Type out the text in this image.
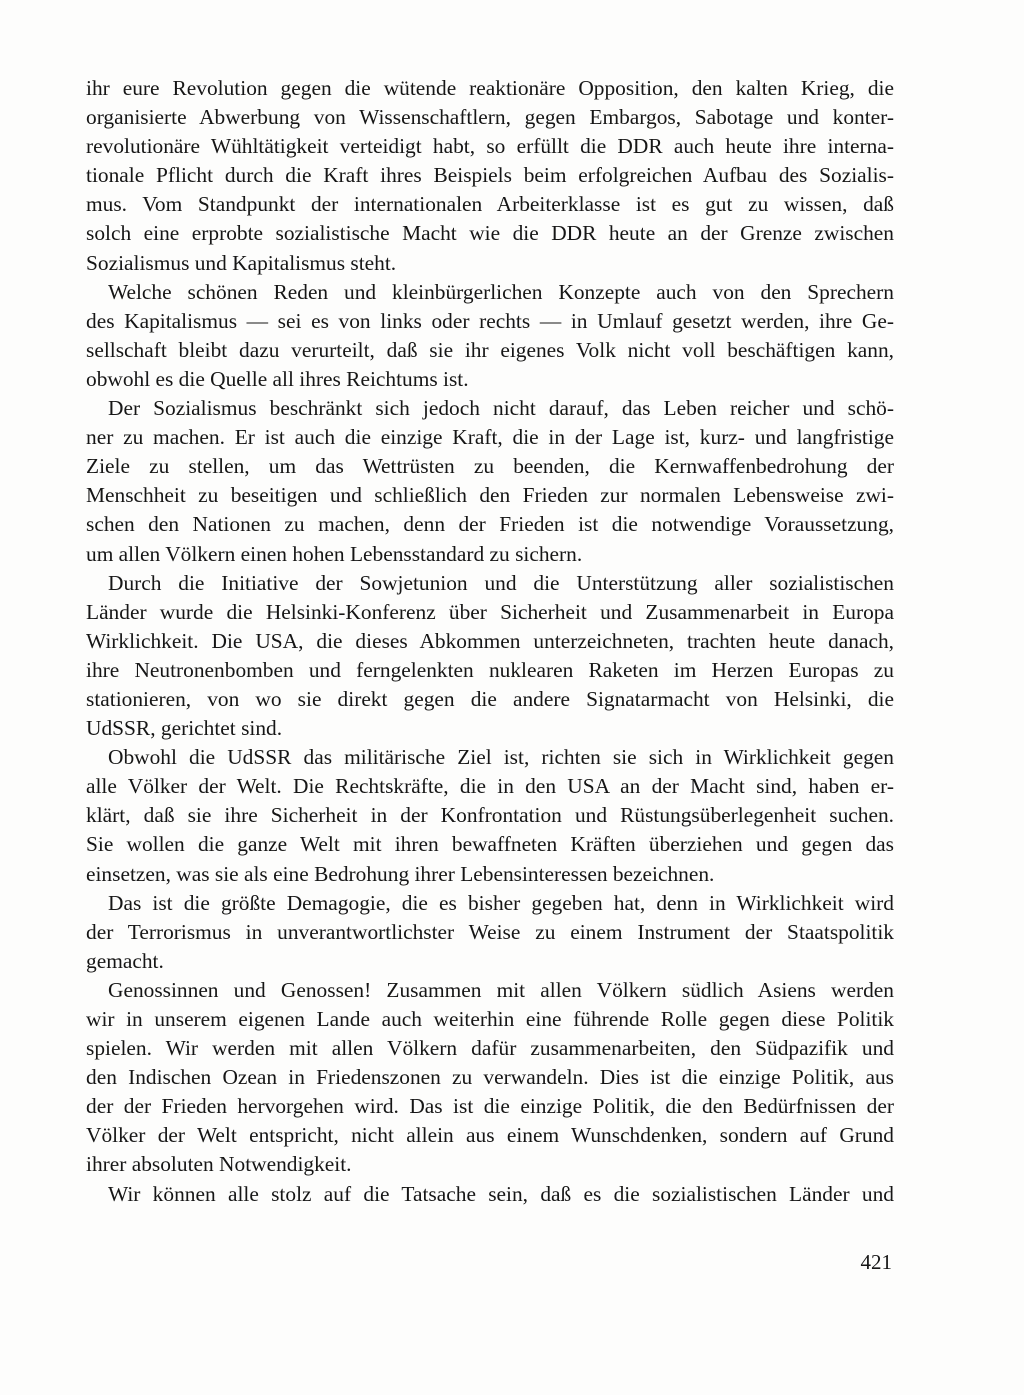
ihr eure Revolution gegen die wütende reaktionäre Opposition, den kalten Krieg, die
organisierte Abwerbung von Wissenschaftlern, gegen Embargos, Sabotage und konter-
revolutionäre Wühltätigkeit verteidigt habt, so erfüllt die DDR auch heute ihre interna-
tionale Pflicht durch die Kraft ihres Beispiels beim erfolgreichen Aufbau des Sozialis-
mus. Vom Standpunkt der internationalen Arbeiterklasse ist es gut zu wissen, daß
solch eine erprobte sozialistische Macht wie die DDR heute an der Grenze zwischen
Sozialismus und Kapitalismus steht.
Welche schönen Reden und kleinbürgerlichen Konzepte auch von den Sprechern
des Kapitalismus — sei es von links oder rechts — in Umlauf gesetzt werden, ihre Ge-
sellschaft bleibt dazu verurteilt, daß sie ihr eigenes Volk nicht voll beschäftigen kann,
obwohl es die Quelle all ihres Reichtums ist.
Der Sozialismus beschränkt sich jedoch nicht darauf, das Leben reicher und schö-
ner zu machen. Er ist auch die einzige Kraft, die in der Lage ist, kurz- und langfristige
Ziele zu stellen, um das Wettrüsten zu beenden, die Kernwaffenbedrohung der
Menschheit zu beseitigen und schließlich den Frieden zur normalen Lebensweise zwi-
schen den Nationen zu machen, denn der Frieden ist die notwendige Voraussetzung,
um allen Völkern einen hohen Lebensstandard zu sichern.
Durch die Initiative der Sowjetunion und die Unterstützung aller sozialistischen
Länder wurde die Helsinki-Konferenz über Sicherheit und Zusammenarbeit in Europa
Wirklichkeit. Die USA, die dieses Abkommen unterzeichneten, trachten heute danach,
ihre Neutronenbomben und ferngelenkten nuklearen Raketen im Herzen Europas zu
stationieren, von wo sie direkt gegen die andere Signatarmacht von Helsinki, die
UdSSR, gerichtet sind.
Obwohl die UdSSR das militärische Ziel ist, richten sie sich in Wirklichkeit gegen
alle Völker der Welt. Die Rechtskräfte, die in den USA an der Macht sind, haben er-
klärt, daß sie ihre Sicherheit in der Konfrontation und Rüstungsüberlegenheit suchen.
Sie wollen die ganze Welt mit ihren bewaffneten Kräften überziehen und gegen das
einsetzen, was sie als eine Bedrohung ihrer Lebensinteressen bezeichnen.
Das ist die größte Demagogie, die es bisher gegeben hat, denn in Wirklichkeit wird
der Terrorismus in unverantwortlichster Weise zu einem Instrument der Staatspolitik
gemacht.
Genossinnen und Genossen! Zusammen mit allen Völkern südlich Asiens werden
wir in unserem eigenen Lande auch weiterhin eine führende Rolle gegen diese Politik
spielen. Wir werden mit allen Völkern dafür zusammenarbeiten, den Südpazifik und
den Indischen Ozean in Friedenszonen zu verwandeln. Dies ist die einzige Politik, aus
der der Frieden hervorgehen wird. Das ist die einzige Politik, die den Bedürfnissen der
Völker der Welt entspricht, nicht allein aus einem Wunschdenken, sondern auf Grund
ihrer absoluten Notwendigkeit.
Wir können alle stolz auf die Tatsache sein, daß es die sozialistischen Länder und
421
